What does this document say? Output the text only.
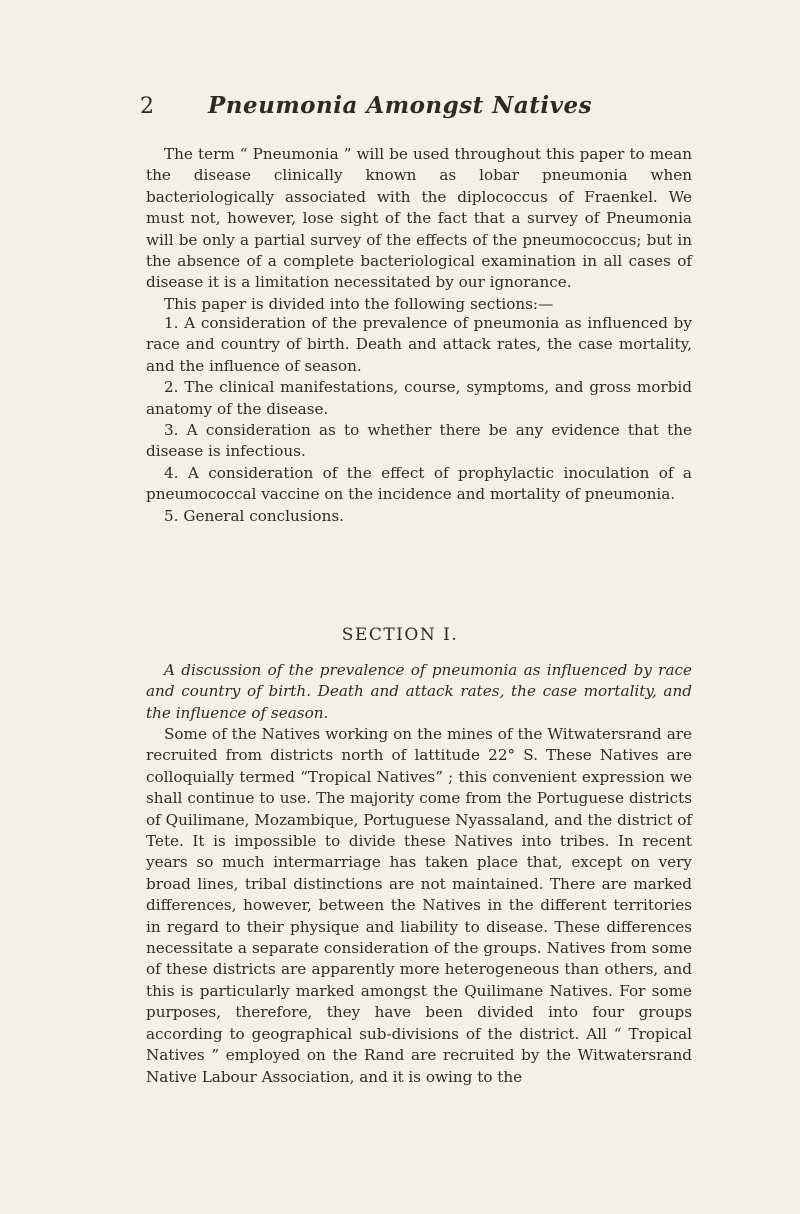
2	Pneumonia Amongst Natives

The term “ Pneumonia ” will be used throughout this paper to mean the disease clinically known as lobar pneumonia when bacteriologically associated with the diplococcus of Fraenkel. We must not, however, lose sight of the fact that a survey of Pneumonia will be only a partial survey of the effects of the pneumococcus; but in the absence of a complete bacteriological examination in all cases of disease it is a limitation necessitated by our ignorance.

This paper is divided into the following sections:—

1. A consideration of the prevalence of pneumonia as influenced by race and country of birth. Death and attack rates, the case mortality, and the influence of season.

2. The clinical manifestations, course, symptoms, and gross morbid anatomy of the disease.

3. A consideration as to whether there be any evidence that the disease is infectious.

4. A consideration of the effect of prophylactic inoculation of a pneumococcal vaccine on the incidence and mortality of pneumonia.

5. General conclusions.

SECTION I.
A discussion of the prevalence of pneumonia as influenced by race and country of birth. Death and attack rates, the case mortality, and the influence of season.

Some of the Natives working on the mines of the Witwatersrand are recruited from districts north of lattitude 22° S. These Natives are colloquially termed “Tropical Natives” ; this convenient expression we shall continue to use. The majority come from the Portuguese districts of Quilimane, Mozambique, Portuguese Nyassaland, and the district of Tete. It is impossible to divide these Natives into tribes. In recent years so much intermarriage has taken place that, except on very broad lines, tribal distinctions are not maintained. There are marked differences, however, between the Natives in the different territories in regard to their physique and liability to disease. These differences necessitate a separate consideration of the groups. Natives from some of these districts are apparently more heterogeneous than others, and this is particularly marked amongst the Quilimane Natives. For some purposes, therefore, they have been divided into four groups according to geographical sub-divisions of the district. All “ Tropical Natives ” employed on the Rand are recruited by the Witwatersrand Native Labour Association, and it is owing to the
